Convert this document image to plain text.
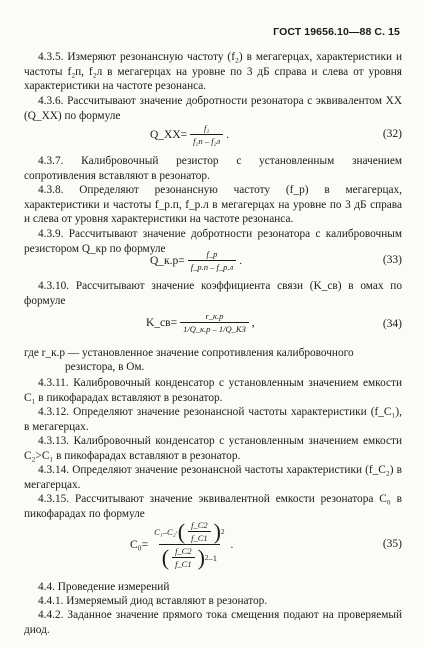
ГОСТ 19656.10—88 С. 15
4.3.5. Измеряют резонансную частоту (f₂) в мегагерцах, характеристики и частоты f₂п, f₂л в мегагерцах на уровне по 3 дБ справа и слева от уровня характеристики на частоте резонанса.
4.3.6. Рассчитывают значение добротности резонатора с эквивалентом ХХ (Q_XX) по формуле
Q_XX= $\frac{\text{f₂}}{\text{f₂п – f₂л}}$ .	(32)
4.3.7. Калибровочный резистор с установленным значением сопротивления вставляют в резонатор.
4.3.8. Определяют резонансную частоту (f_р) в мегагерцах, характеристики и частоты f_р.п, f_р.л в мегагерцах на уровне по 3 дБ справа и слева от уровня характеристики на частоте резонанса.
4.3.9. Рассчитывают значение добротности резонатора с калибровочным резистором Q_кр по формуле
Q_к.р= $\frac{f\_р}{f\_р.п - f\_р.л}$ .	(33)
4.3.10. Рассчитывают значение коэффициента связи (K_св) в омах по формуле
K_св= $\frac{r\_к.р}{1/Q\_к.р - 1/Q\_КЗ}$ ,	(34)
где r_к.р — установленное значение сопротивления калибровочного
резистора, в Ом.
4.3.11. Калибровочный конденсатор с установленным значением емкости C₁ в пикофарадах вставляют в резонатор.
4.3.12. Определяют значение резонансной частоты характеристики (f_C₁), в мегагерцах.
4.3.13. Калибровочный конденсатор с установленным значением емкости C₂>C₁ в пикофарадах вставляют в резонатор.
4.3.14. Определяют значение резонансной частоты характеристики (f_C₂) в мегагерцах.
4.3.15. Рассчитывают значение эквивалентной емкости резонатора C₀ в пикофарадах по формуле
C₀=
C₁–C₂· ( $\frac{f\_C2}{f\_C1}$ ) 2
( $\frac{f\_C2}{f\_C1}$ ) 2 –1
.	(35)
4.4. Проведение измерений
4.4.1. Измеряемый диод вставляют в резонатор.
4.4.2. Заданное значение прямого тока смещения подают на проверяемый диод.
